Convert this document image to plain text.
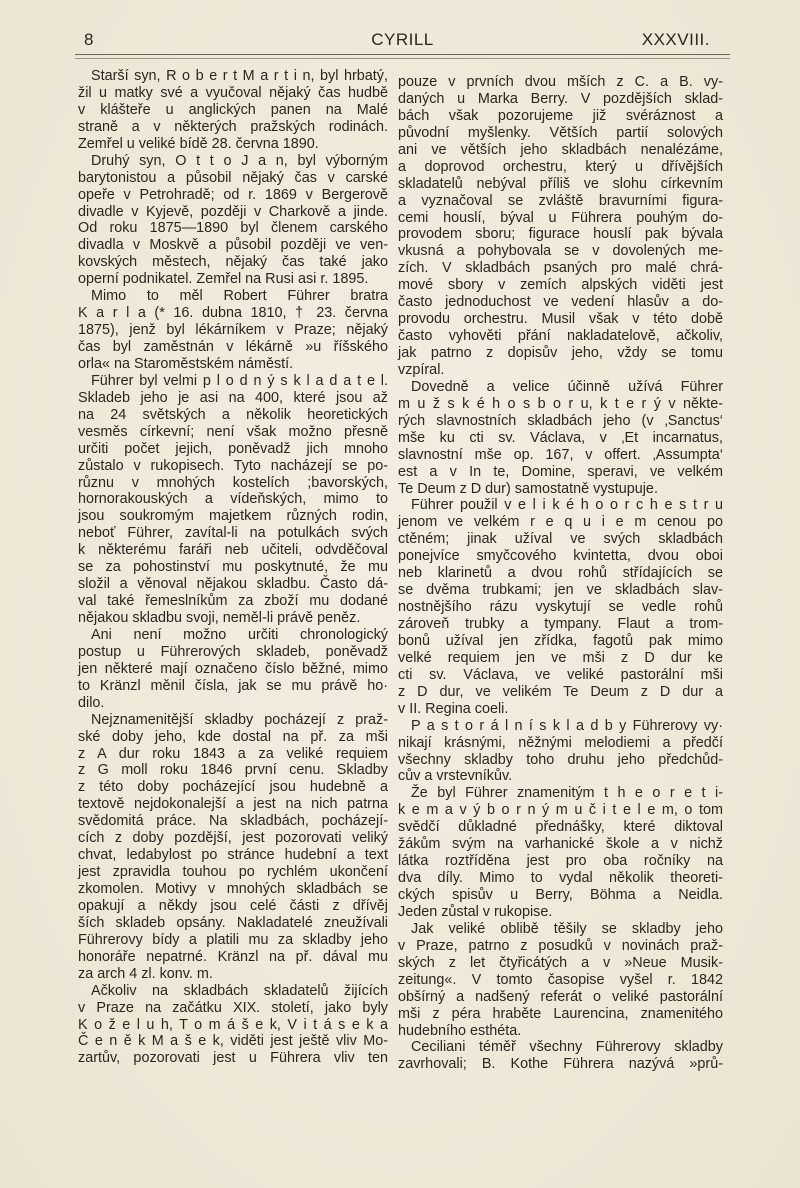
8	CYRILL	XXXVIII.
Starší syn, R o b e r t M a r t i n, byl hrbatý,
žil u matky své a vyučoval nějaký čas hudbě
v klášteře u anglických panen na Malé
straně a v některých pražských rodinách.
Zemřel u veliké bídě 28. června 1890.
Druhý syn, O t t o J a n, byl výborným
barytonistou a působil nějaký čas v carské
opeře v Petrohradě; od r. 1869 v Bergerově
divadle v Kyjevě, později v Charkově a jinde.
Od roku 1875—1890 byl členem carského
divadla v Moskvě a působil později ve ven-
kovských městech, nějaký čas také jako
operní podnikatel. Zemřel na Rusi asi r. 1895.
Mimo to měl Robert Führer bratra
K a r l a (* 16. dubna 1810, † 23. června
1875), jenž byl lékárníkem v Praze; nějaký
čas byl zaměstnán v lékárně »u říšského
orla« na Staroměstském náměstí.
Führer byl velmi p l o d n ý s k l a d a t e l.
Skladeb jeho je asi na 400, které jsou až
na 24 světských a několik heoretických
vesměs církevní; není však možno přesně
určiti počet jejich, poněvadž jich mnoho
zůstalo v rukopisech. Tyto nacházejí se po-
různu v mnohých kostelích ;bavorských,
hornorakouských a vídeňských, mimo to
jsou soukromým majetkem různých rodin,
neboť Führer, zavítal-li na potulkách svých
k některému faráři neb učiteli, odvděčoval
se za pohostinství mu poskytnuté, že mu
složil a věnoval nějakou skladbu. Často dá-
val také řemeslníkům za zboží mu dodané
nějakou skladbu svoji, neměl-li právě peněz.
Ani není možno určiti chronologický
postup u Führerových skladeb, poněvadž
jen některé mají označeno číslo běžné, mimo
to Kränzl měnil čísla, jak se mu právě ho·
dilo.
Nejznamenitější skladby pocházejí z praž-
ské doby jeho, kde dostal na př. za mši
z A dur roku 1843 a za veliké requiem
z G moll roku 1846 první cenu. Skladby
z této doby pocházející jsou hudebně a
textově nejdokonalejší a jest na nich patrna
svědomitá práce. Na skladbách, pocházejí-
cích z doby pozdější, jest pozorovati veliký
chvat, ledabylost po stránce hudební a text
jest zpravidla touhou po rychlém ukončení
zkomolen. Motivy v mnohých skladbách se
opakují a někdy jsou celé části z dřívěj
ších skladeb opsány. Nakladatelé zneužívali
Führerovy bídy a platili mu za skladby jeho
honoráře nepatrné. Kränzl na př. dával mu
za arch 4 zl. konv. m.
Ačkoliv na skladbách skladatelů žijících
v Praze na začátku XIX. století, jako byly
K o ž e l u h, T o m á š e k, V i t á s e k a
Č e n ě k M a š e k, viděti jest ještě vliv Mo-
zartův, pozorovati jest u Führera vliv ten
pouze v prvních dvou mších z C. a B. vy-
daných u Marka Berry. V pozdějších sklad-
bách však pozorujeme již svéráznost a
původní myšlenky. Větších partií solových
ani ve větších jeho skladbách nenalézáme,
a doprovod orchestru, který u dřívějších
skladatelů nebýval příliš ve slohu církevním
a vyznačoval se zvláště bravurními figura-
cemi houslí, býval u Führera pouhým do-
provodem sboru; figurace houslí pak bývala
vkusná a pohybovala se v dovolených me-
zích. V skladbách psaných pro malé chrá-
mové sbory v zemích alpských viděti jest
často jednoduchost ve vedení hlasův a do-
provodu orchestru. Musil však v této době
často vyhověti přání nakladatelově, ačkoliv,
jak patrno z dopisův jeho, vždy se tomu
vzpíral.
Dovedně a velice účinně užívá Führer
m u ž s k é h o s b o r u, k t e r ý v někte-
rých slavnostních skladbách jeho (v ‚Sanctus‘
mše ku cti sv. Václava, v ‚Et incarnatus,
slavnostní mše op. 167, v offert. ‚Assumpta‘
est a v In te, Domine, speravi, ve velkém
Te Deum z D dur) samostatně vystupuje.
Führer použil v e l i k é h o o r c h e s t r u
jenom ve velkém r e q u i e m cenou po
ctěném; jinak užíval ve svých skladbách
ponejvíce smyčcového kvintetta, dvou oboi
neb klarinetů a dvou rohů střídajících se
se dvěma trubkami; jen ve skladbách slav-
nostnějšího rázu vyskytují se vedle rohů
zároveň trubky a tympany. Flaut a trom-
bonů užíval jen zřídka, fagotů pak mimo
velké requiem jen ve mši z D dur ke
cti sv. Václava, ve veliké pastorální mši
z D dur, ve velikém Te Deum z D dur a
v II. Regina coeli.
P a s t o r á l n í s k l a d b y Führerovy vy·
nikají krásnými, něžnými melodiemi a předčí
všechny skladby toho druhu jeho předchůd-
cův a vrstevníkův.
Že byl Führer znamenitým t h e o r e t i-
k e m a v ý b o r n ý m u č i t e l e m, o tom
svědčí důkladné přednášky, které diktoval
žákům svým na varhanické škole a v nichž
látka roztříděna jest pro oba ročníky na
dva díly. Mimo to vydal několik theoreti-
ckých spisův u Berry, Böhma a Neidla.
Jeden zůstal v rukopise.
Jak veliké oblibě těšily se skladby jeho
v Praze, patrno z posudků v novinách praž-
ských z let čtyřicátých a v »Neue Musik-
zeitung«. V tomto časopise vyšel r. 1842
obšírný a nadšený referát o veliké pastorální
mši z péra hraběte Laurencina, znamenitého
hudebního esthéta.
Ceciliani téměř všechny Führerovy skladby
zavrhovali; B. Kothe Führera nazývá »prů-
